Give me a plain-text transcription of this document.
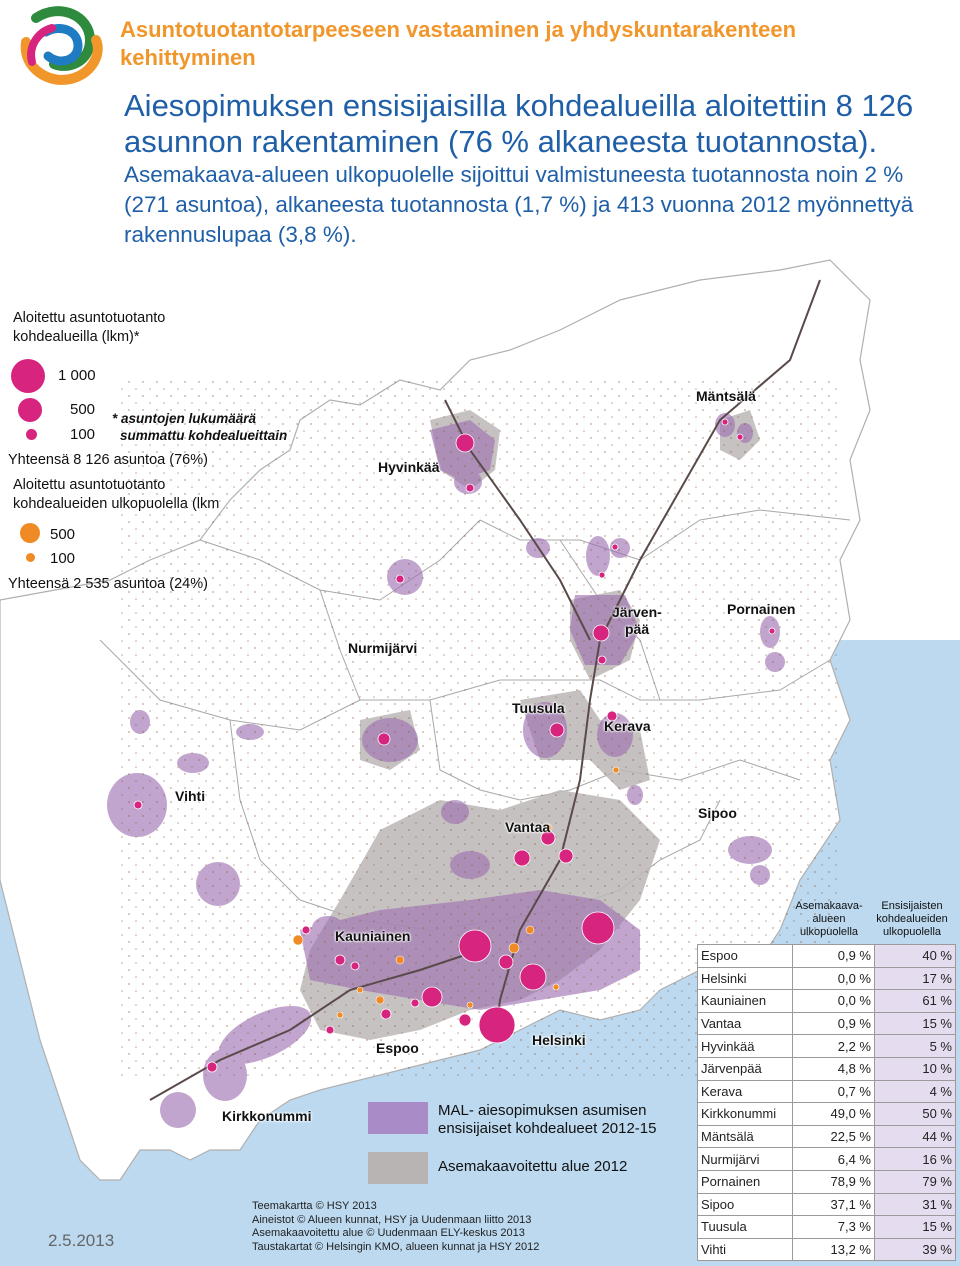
Asuntotuotantotarpeeseen vastaaminen ja yhdyskuntarakenteen kehittyminen
Aiesopimuksen ensisijaisilla kohdealueilla aloitettiin 8 126 asunnon rakentaminen (76 % alkaneesta tuotannosta). Asemakaava-alueen ulkopuolelle sijoittui valmistuneesta tuotannosta noin 2 % (271 asuntoa), alkaneesta tuotannosta (1,7 %) ja 413 vuonna 2012 myönnettyä rakennuslupaa (3,8 %).
Aloitettu asuntotuotanto
kohdealueilla (lkm)*
1 000
500
100
* asuntojen lukumäärä
summattu kohdealueittain
Yhteensä 8 126 asuntoa (76%)
Aloitettu asuntotuotanto
kohdealueiden ulkopuolella (lkm
500
100
Yhteensä 2 535 asuntoa (24%)
Hyvinkää
Mäntsälä
Järven-
pää
Pornainen
Nurmijärvi
Tuusula
Kerava
Vihti
Vantaa
Sipoo
Kauniainen
Espoo	Helsinki
Kirkkonummi	MAL- aiesopimuksen asumisen
ensisijaiset kohdealueet 2012-15
Asemakaavoitettu alue 2012
Teemakartta © HSY 2013
Aineistot © Alueen kunnat, HSY ja Uudenmaan liitto 2013
Asemakaavoitettu alue © Uudenmaan ELY-keskus 2013
Taustakartat © Helsingin KMO, alueen kunnat ja HSY 2012
2.5.2013
Asemakaava-
alueen
ulkopuolella
Ensisijaisten
kohdealueiden
ulkopuolella
Espoo	0,9 %	40 %
Helsinki	0,0 %	17 %
Kauniainen	0,0 %	61 %
Vantaa	0,9 %	15 %
Hyvinkää	2,2 %	5 %
Järvenpää	4,8 %	10 %
Kerava	0,7 %	4 %
Kirkkonummi	49,0 %	50 %
Mäntsälä	22,5 %	44 %
Nurmijärvi	6,4 %	16 %
Pornainen	78,9 %	79 %
Sipoo	37,1 %	31 %
Tuusula	7,3 %	15 %
Vihti	13,2 %	39 %
